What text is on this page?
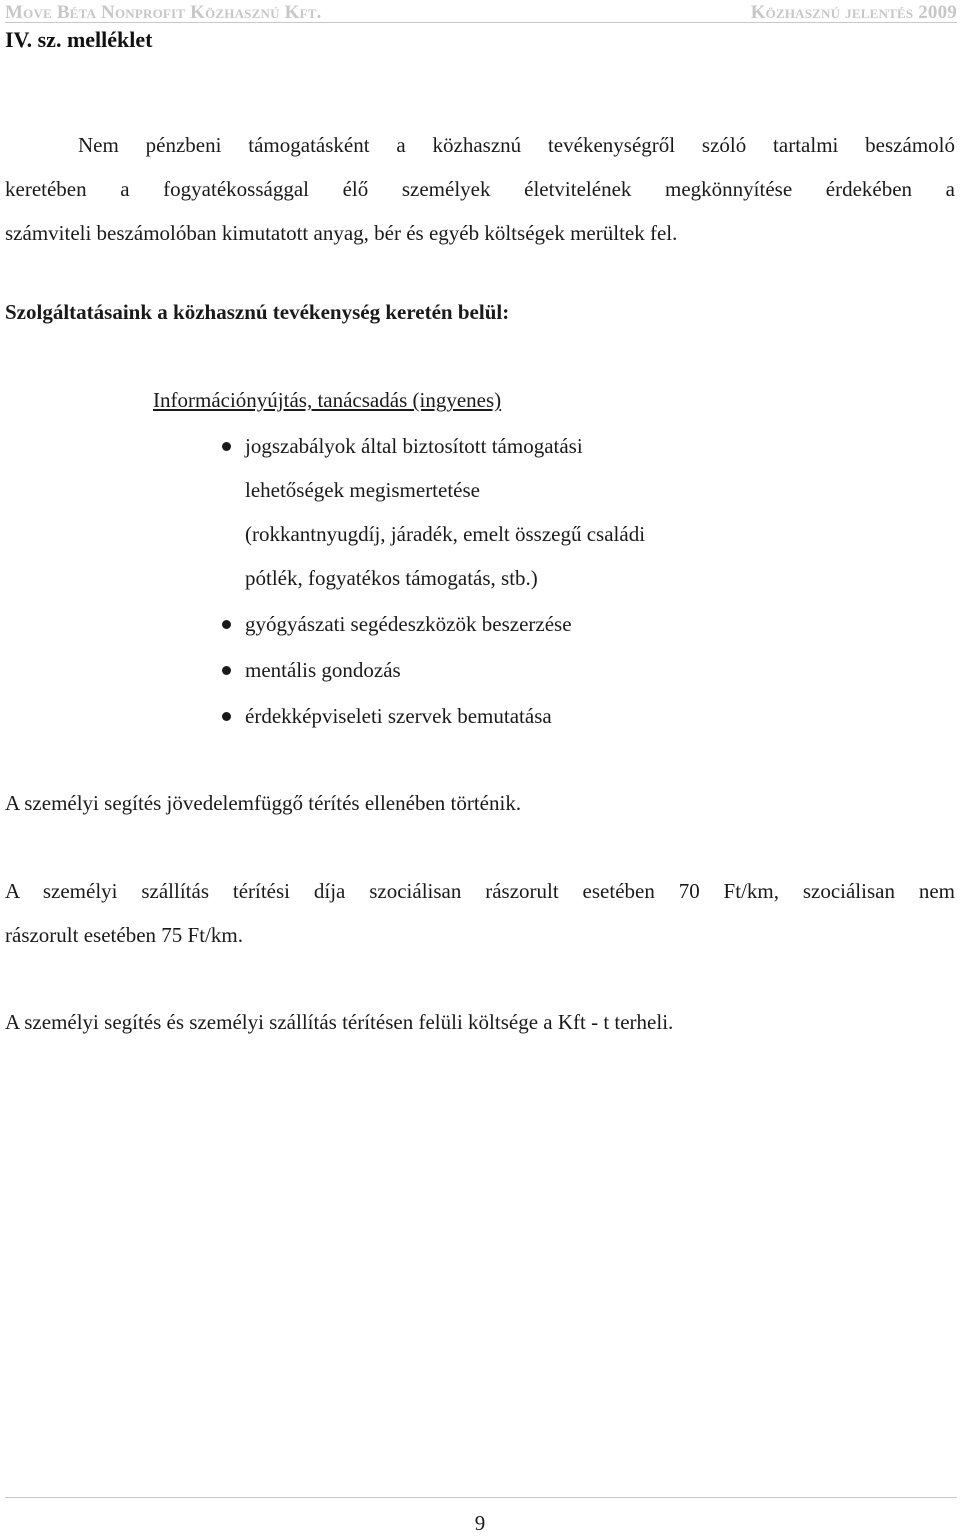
Move Béta Nonprofit Közhasznú Kft.	Közhasznú jelentés 2009
IV. sz. melléklet
Nem pénzbeni támogatásként a közhasznú tevékenységről szóló tartalmi beszámoló
keretében a fogyatékossággal élő személyek életvitelének megkönnyítése érdekében a
számviteli beszámolóban kimutatott anyag, bér és egyéb költségek merültek fel.
Szolgáltatásaink a közhasznú tevékenység keretén belül:
Információnyújtás, tanácsadás (ingyenes)
jogszabályok által biztosított támogatási
lehetőségek megismertetése
(rokkantnyugdíj, járadék, emelt összegű családi
pótlék, fogyatékos támogatás, stb.)
gyógyászati segédeszközök beszerzése
mentális gondozás
érdekképviseleti szervek bemutatása

A személyi segítés jövedelemfüggő térítés ellenében történik.

A személyi szállítás térítési díja szociálisan rászorult esetében 70 Ft/km, szociálisan nem
rászorult esetében 75 Ft/km.

A személyi segítés és személyi szállítás térítésen felüli költsége a Kft - t terheli.

9
